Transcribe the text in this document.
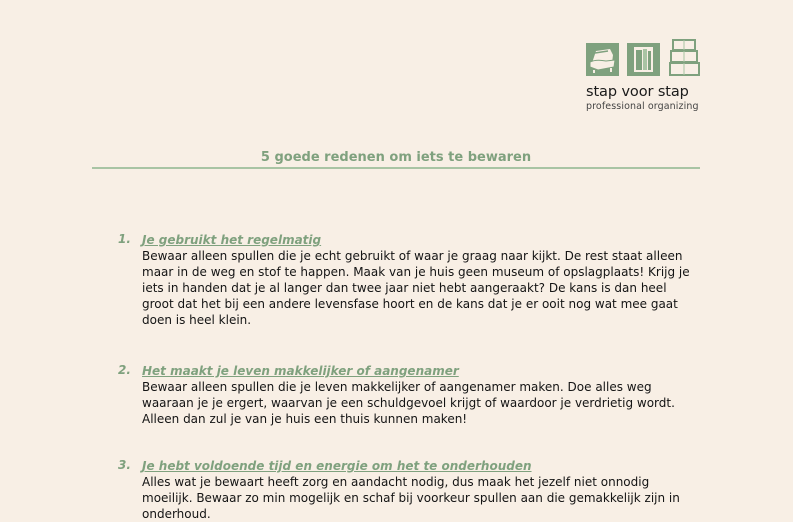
stap voor stap
professional organizing
5 goede redenen om iets te bewaren
1. Je gebruikt het regelmatig
Bewaar alleen spullen die je echt gebruikt of waar je graag naar kijkt. De rest staat alleen maar in de weg en stof te happen. Maak van je huis geen museum of opslagplaats! Krijg je iets in handen dat je al langer dan twee jaar niet hebt aangeraakt? De kans is dan heel groot dat het bij een andere levensfase hoort en de kans dat je er ooit nog wat mee gaat doen is heel klein.
2. Het maakt je leven makkelijker of aangenamer
Bewaar alleen spullen die je leven makkelijker of aangenamer maken. Doe alles weg waaraan je je ergert, waarvan je een schuldgevoel krijgt of waardoor je verdrietig wordt. Alleen dan zul je van je huis een thuis kunnen maken!
3. Je hebt voldoende tijd en energie om het te onderhouden
Alles wat je bewaart heeft zorg en aandacht nodig, dus maak het jezelf niet onnodig moeilijk. Bewaar zo min mogelijk en schaf bij voorkeur spullen aan die gemakkelijk zijn in onderhoud.
